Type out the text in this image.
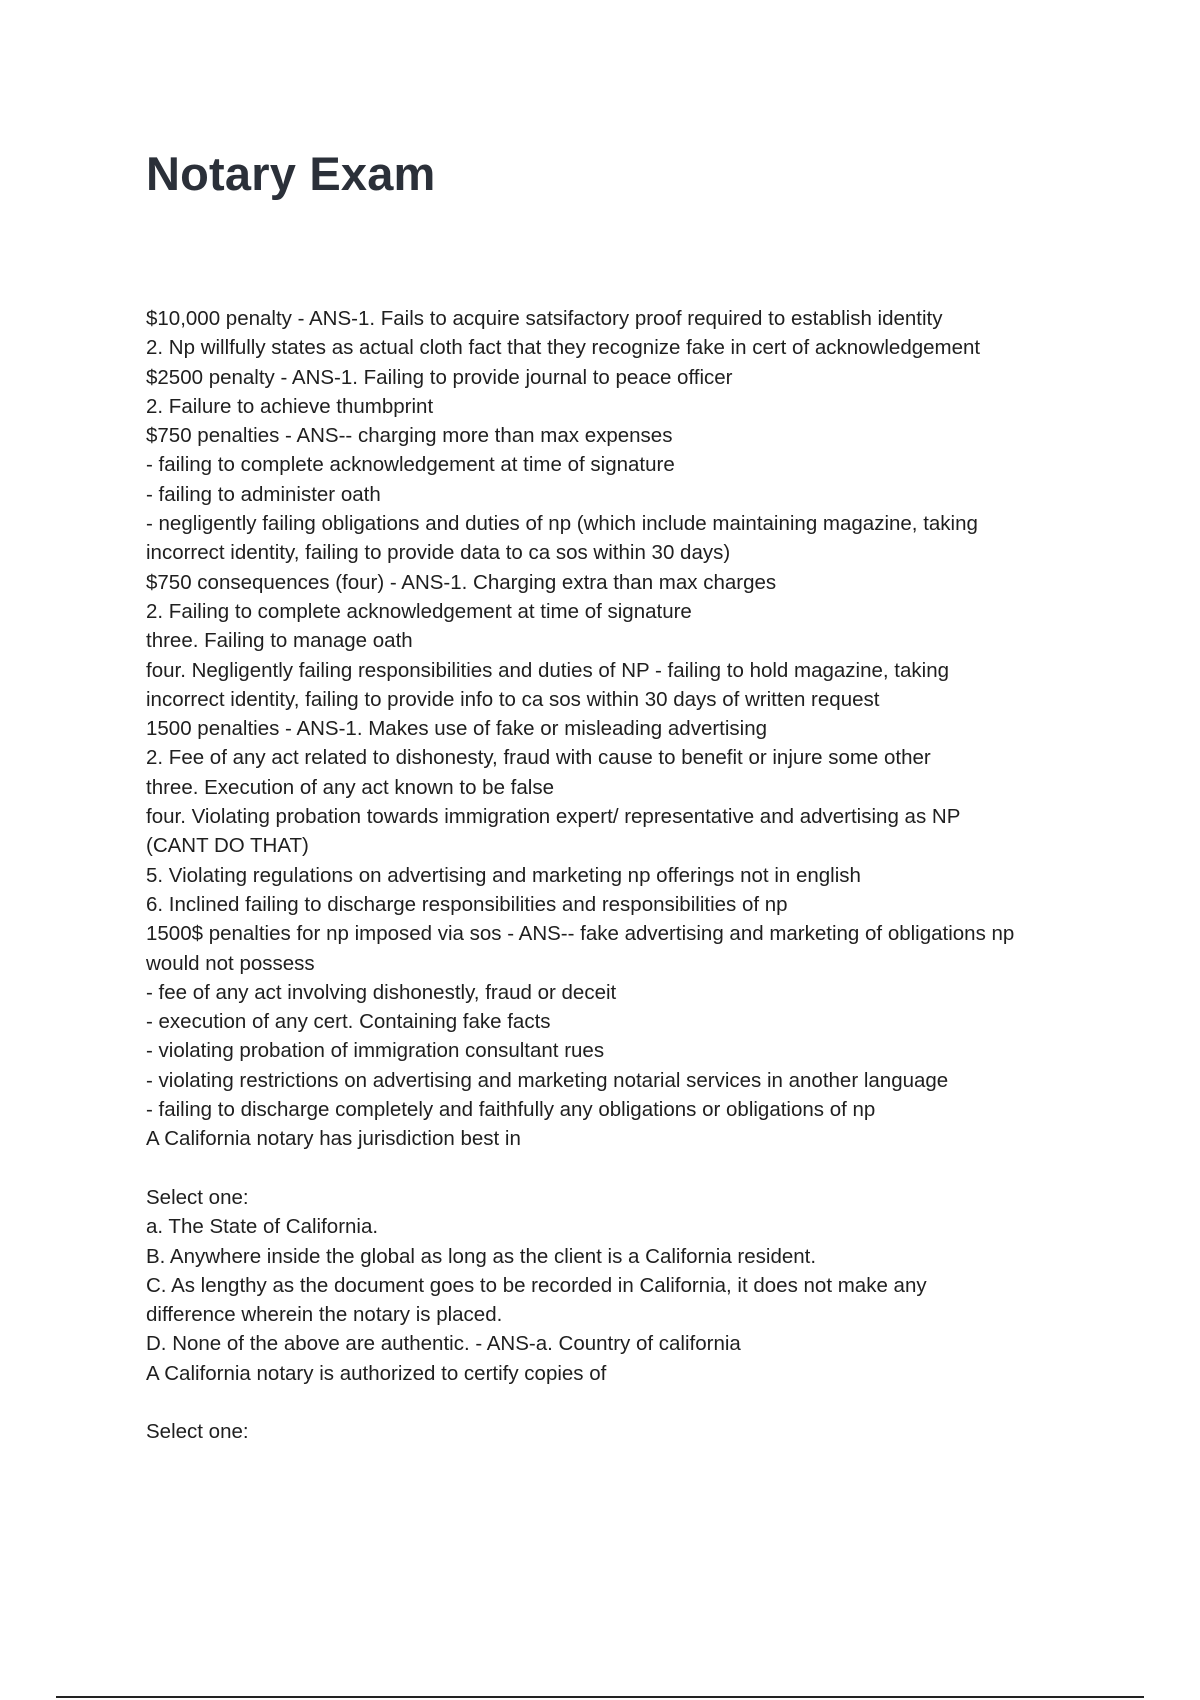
Notary Exam
$10,000 penalty - ANS-1. Fails to acquire satsifactory proof required to establish identity
2. Np willfully states as actual cloth fact that they recognize fake in cert of acknowledgement
$2500 penalty - ANS-1. Failing to provide journal to peace officer
2. Failure to achieve thumbprint
$750 penalties - ANS-- charging more than max expenses
- failing to complete acknowledgement at time of signature
- failing to administer oath
- negligently failing obligations and duties of np (which include maintaining magazine, taking
incorrect identity, failing to provide data to ca sos within 30 days)
$750 consequences (four) - ANS-1. Charging extra than max charges
2. Failing to complete acknowledgement at time of signature
three. Failing to manage oath
four. Negligently failing responsibilities and duties of NP - failing to hold magazine, taking
incorrect identity, failing to provide info to ca sos within 30 days of written request
1500 penalties - ANS-1. Makes use of fake or misleading advertising
2. Fee of any act related to dishonesty, fraud with cause to benefit or injure some other
three. Execution of any act known to be false
four. Violating probation towards immigration expert/ representative and advertising as NP
(CANT DO THAT)
5. Violating regulations on advertising and marketing np offerings not in english
6. Inclined failing to discharge responsibilities and responsibilities of np
1500$ penalties for np imposed via sos - ANS-- fake advertising and marketing of obligations np
would not possess
- fee of any act involving dishonestly, fraud or deceit
- execution of any cert. Containing fake facts
- violating probation of immigration consultant rues
- violating restrictions on advertising and marketing notarial services in another language
- failing to discharge completely and faithfully any obligations or obligations of np
A California notary has jurisdiction best in
Select one:
a. The State of California.
B. Anywhere inside the global as long as the client is a California resident.
C. As lengthy as the document goes to be recorded in California, it does not make any
difference wherein the notary is placed.
D. None of the above are authentic. - ANS-a. Country of california
A California notary is authorized to certify copies of
Select one:
